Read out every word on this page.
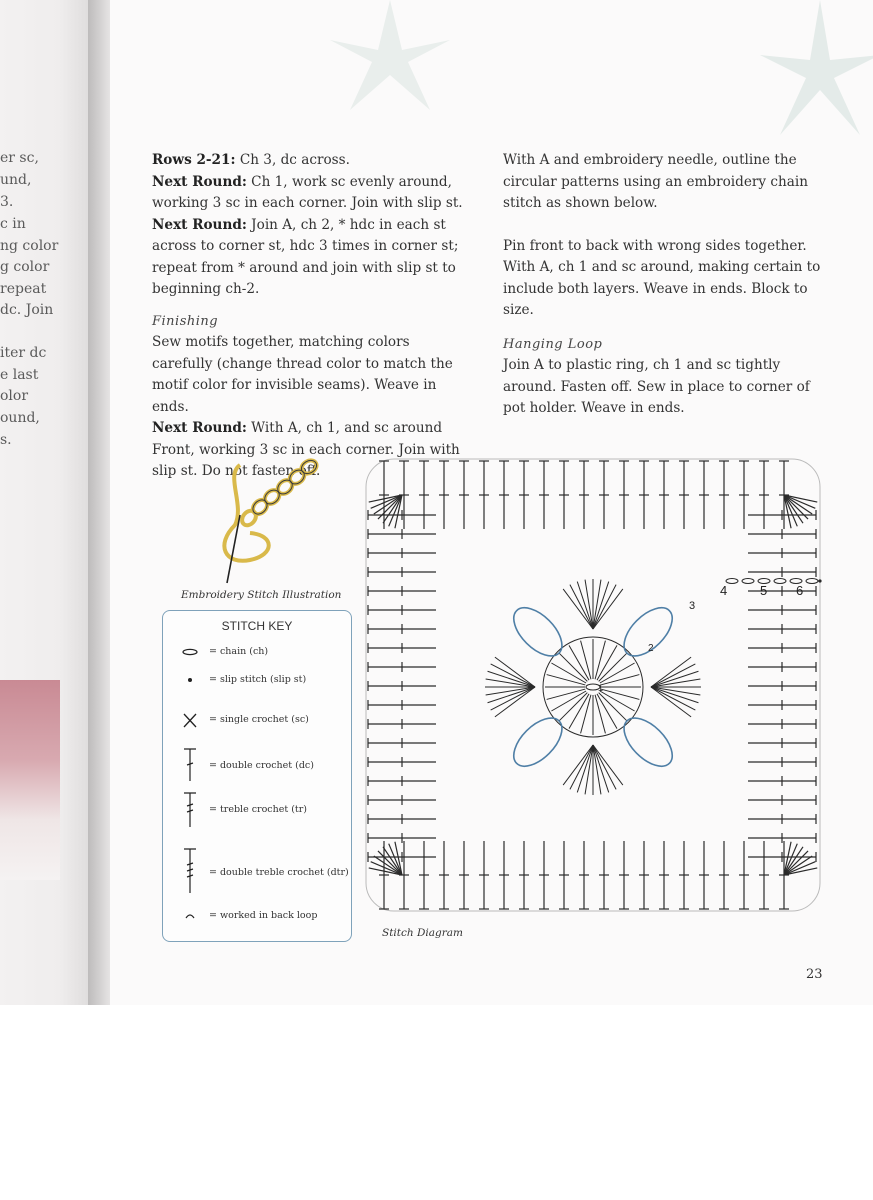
er sc,
und,
3.
c in
ng color
g color
repeat
dc. Join
iter dc
e last
olor
ound,
s.

Rows 2-21: Ch 3, dc across.

Next Round: Ch 1, work sc evenly around, working 3 sc in each corner. Join with slip st.

Next Round: Join A, ch 2, * hdc in each st across to corner st, hdc 3 times in corner st; repeat from * around and join with slip st to beginning ch-2.

Finishing

Sew motifs together, matching colors carefully (change thread color to match the motif color for invisible seams). Weave in ends.

Next Round: With A, ch 1, and sc around Front, working 3 sc in each corner. Join with slip st. Do not fasten off.

With A and embroidery needle, outline the circular patterns using an embroidery chain stitch as shown below.

Pin front to back with wrong sides together. With A, ch 1 and sc around, making certain to include both layers. Weave in ends. Block to size.

Hanging Loop

Join A to plastic ring, ch 1 and sc tightly around. Fasten off. Sew in place to corner of pot holder. Weave in ends.

Embroidery Stitch Illustration
STITCH KEY
= chain (ch)
= slip stitch (slip st)
= single crochet (sc)
= double crochet (dc)
= treble crochet (tr)
= double treble crochet (dtr)
= worked in back loop
4	5 6
3
2
1
Stitch Diagram
23
